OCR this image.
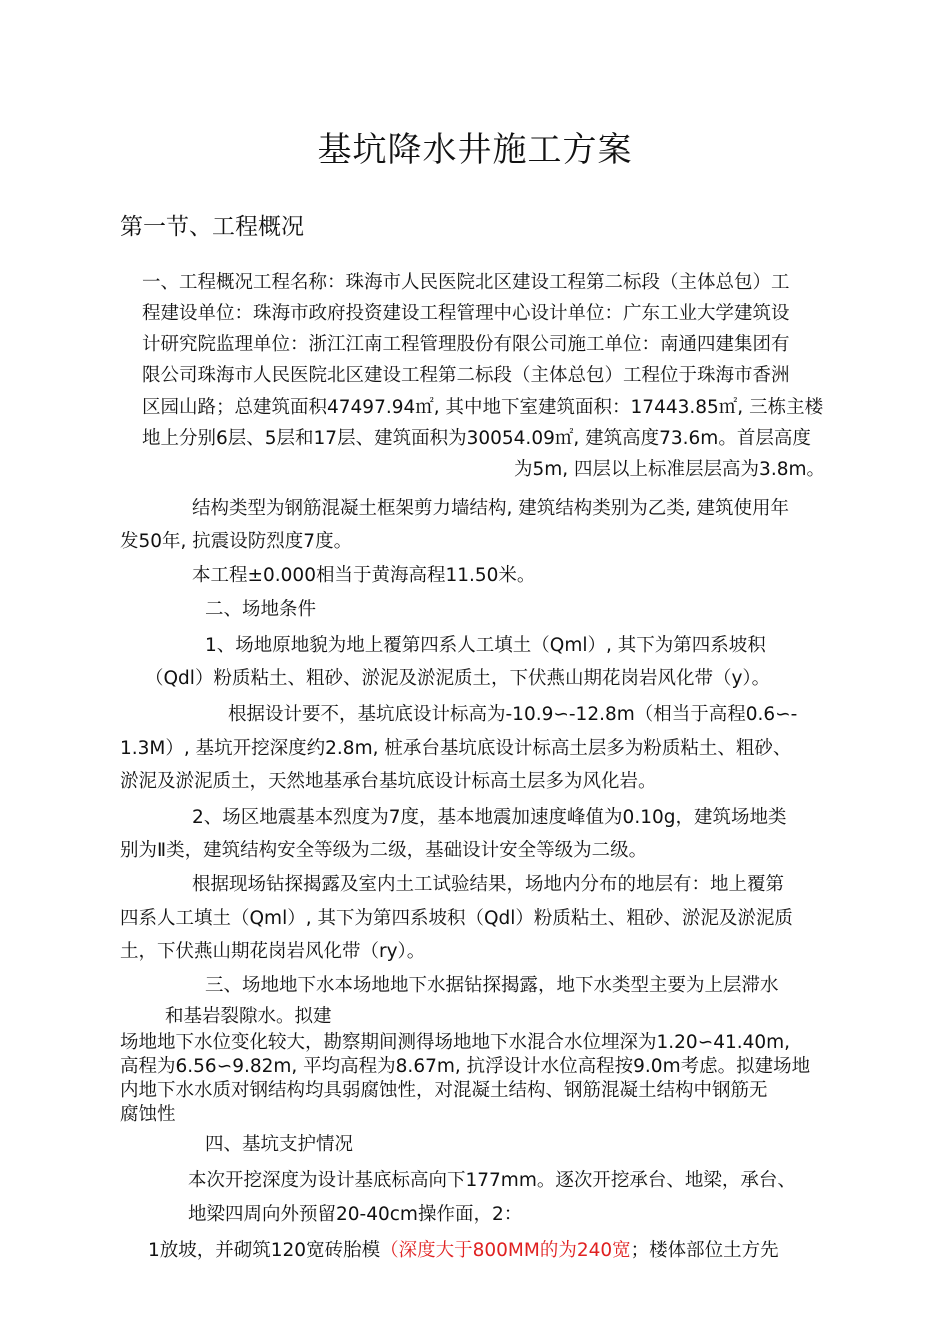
基坑降水井施工方案
第一节、工程概况

一、工程概况工程名称：珠海市人民医院北区建设工程第二标段（主体总包）工

程建设单位：珠海市政府投资建设工程管理中心设计单位：广东工业大学建筑设

计研究院监理单位：浙江江南工程管理股份有限公司施工单位：南通四建集团有

限公司珠海市人民医院北区建设工程第二标段（主体总包）工程位于珠海市香洲

区园山路；总建筑面积47497.94㎡, 其中地下室建筑面积：17443.85㎡, 三栋主楼

地上分别6层、5层和17层、建筑面积为30054.09㎡, 建筑高度73.6m。首层高度

为5m, 四层以上标准层层高为3.8m。

结构类型为钢筋混凝土框架剪力墙结构, 建筑结构类别为乙类, 建筑使用年

发50年, 抗震设防烈度7度。

本工程±0.000相当于黄海高程11.50米。

二、场地条件

1、场地原地貌为地上覆第四系人工填土（Qml）, 其下为第四系坡积

（Qdl）粉质粘土、粗砂、淤泥及淤泥质土，下伏燕山期花岗岩风化带（y）。

根据设计要不，基坑底设计标高为-10.9∽-12.8m（相当于高程0.6∽-

1.3M）, 基坑开挖深度约2.8m, 桩承台基坑底设计标高土层多为粉质粘土、粗砂、

淤泥及淤泥质土，天然地基承台基坑底设计标高土层多为风化岩。

2、场区地震基本烈度为7度，基本地震加速度峰值为0.10g，建筑场地类

别为Ⅱ类，建筑结构安全等级为二级，基础设计安全等级为二级。

根据现场钻探揭露及室内土工试验结果，场地内分布的地层有：地上覆第

四系人工填土（Qml）, 其下为第四系坡积（Qdl）粉质粘土、粗砂、淤泥及淤泥质

土，下伏燕山期花岗岩风化带（ry）。

三、场地地下水本场地地下水据钻探揭露，地下水类型主要为上层滞水

和基岩裂隙水。拟建

场地地下水位变化较大，勘察期间测得场地地下水混合水位埋深为1.20∽41.40m,

高程为6.56∽9.82m, 平均高程为8.67m, 抗浮设计水位高程按9.0m考虑。拟建场地

内地下水水质对钢结构均具弱腐蚀性，对混凝土结构、钢筋混凝土结构中钢筋无

腐蚀性

四、基坑支护情况

本次开挖深度为设计基底标高向下177mm。逐次开挖承台、地梁，承台、

地梁四周向外预留20-40cm操作面，2：

1放坡，并砌筑120宽砖胎模（深度大于800MM的为240宽；楼体部位土方先
